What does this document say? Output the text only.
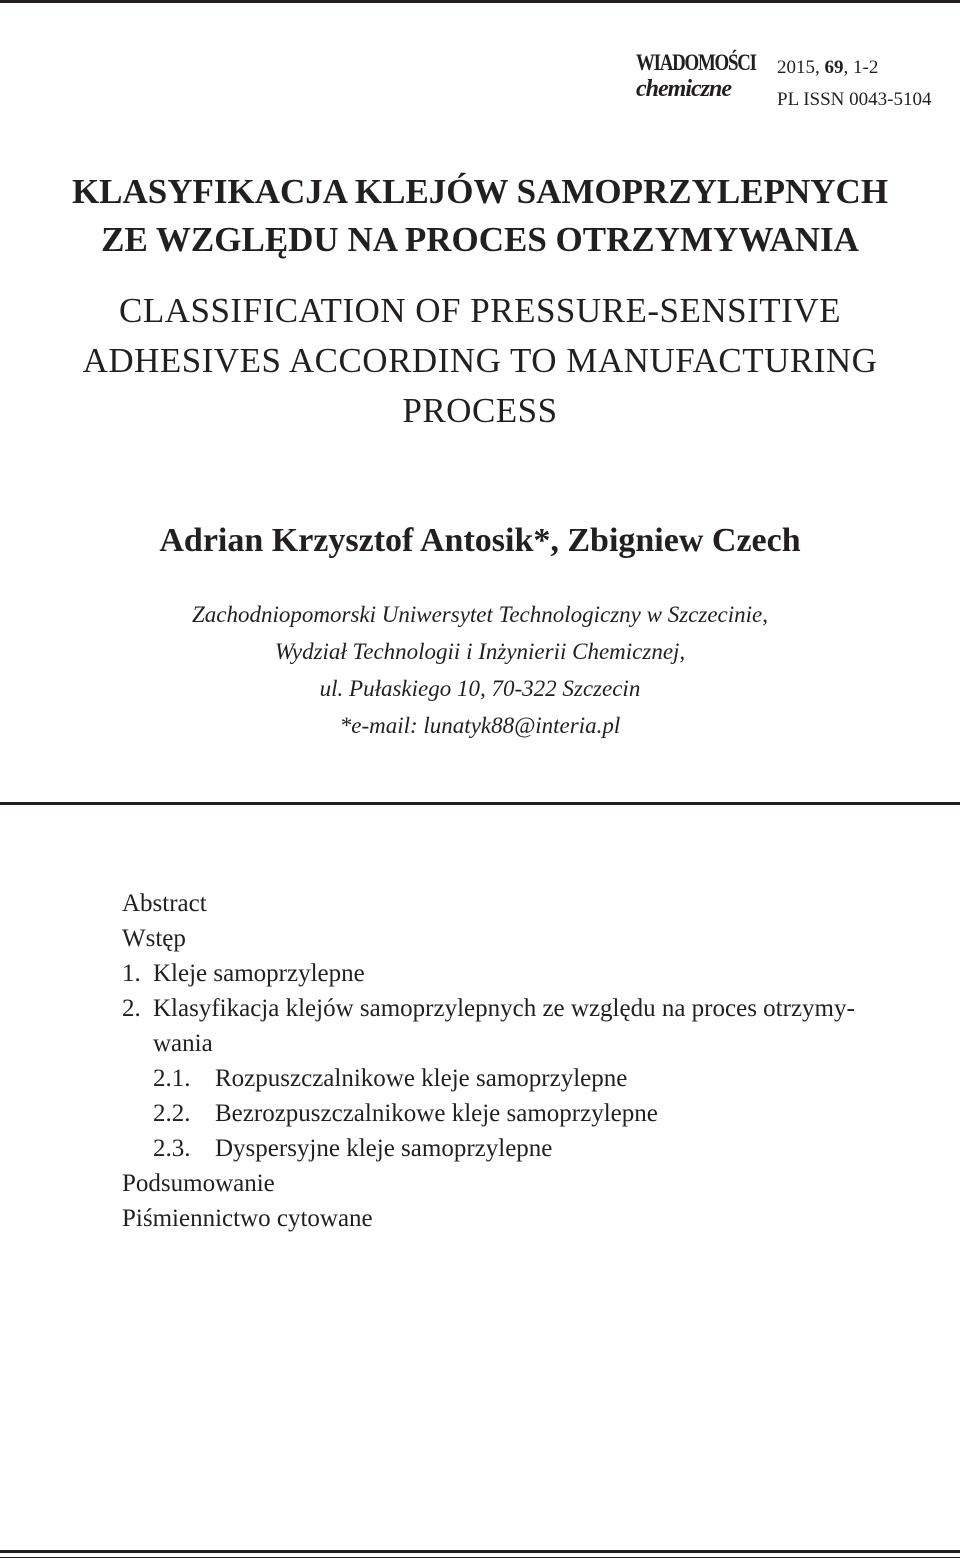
WIADOMOŚCI
chemiczne
2015, 69, 1-2
PL ISSN 0043-5104
KLASYFIKACJA KLEJÓW SAMOPRZYLEPNYCH
ZE WZGLĘDU NA PROCES OTRZYMYWANIA
CLASSIFICATION OF PRESSURE-SENSITIVE
ADHESIVES ACCORDING TO MANUFACTURING
PROCESS
Adrian Krzysztof Antosik*, Zbigniew Czech
Zachodniopomorski Uniwersytet Technologiczny w Szczecinie,
Wydział Technologii i Inżynierii Chemicznej,
ul. Pułaskiego 10, 70-322 Szczecin
*e-mail: lunatyk88@interia.pl
Abstract
Wstęp
1. Kleje samoprzylepne
2. Klasyfikacja klejów samoprzylepnych ze względu na proces otrzymy-
wania
2.1. Rozpuszczalnikowe kleje samoprzylepne
2.2. Bezrozpuszczalnikowe kleje samoprzylepne
2.3. Dyspersyjne kleje samoprzylepne
Podsumowanie
Piśmiennictwo cytowane
